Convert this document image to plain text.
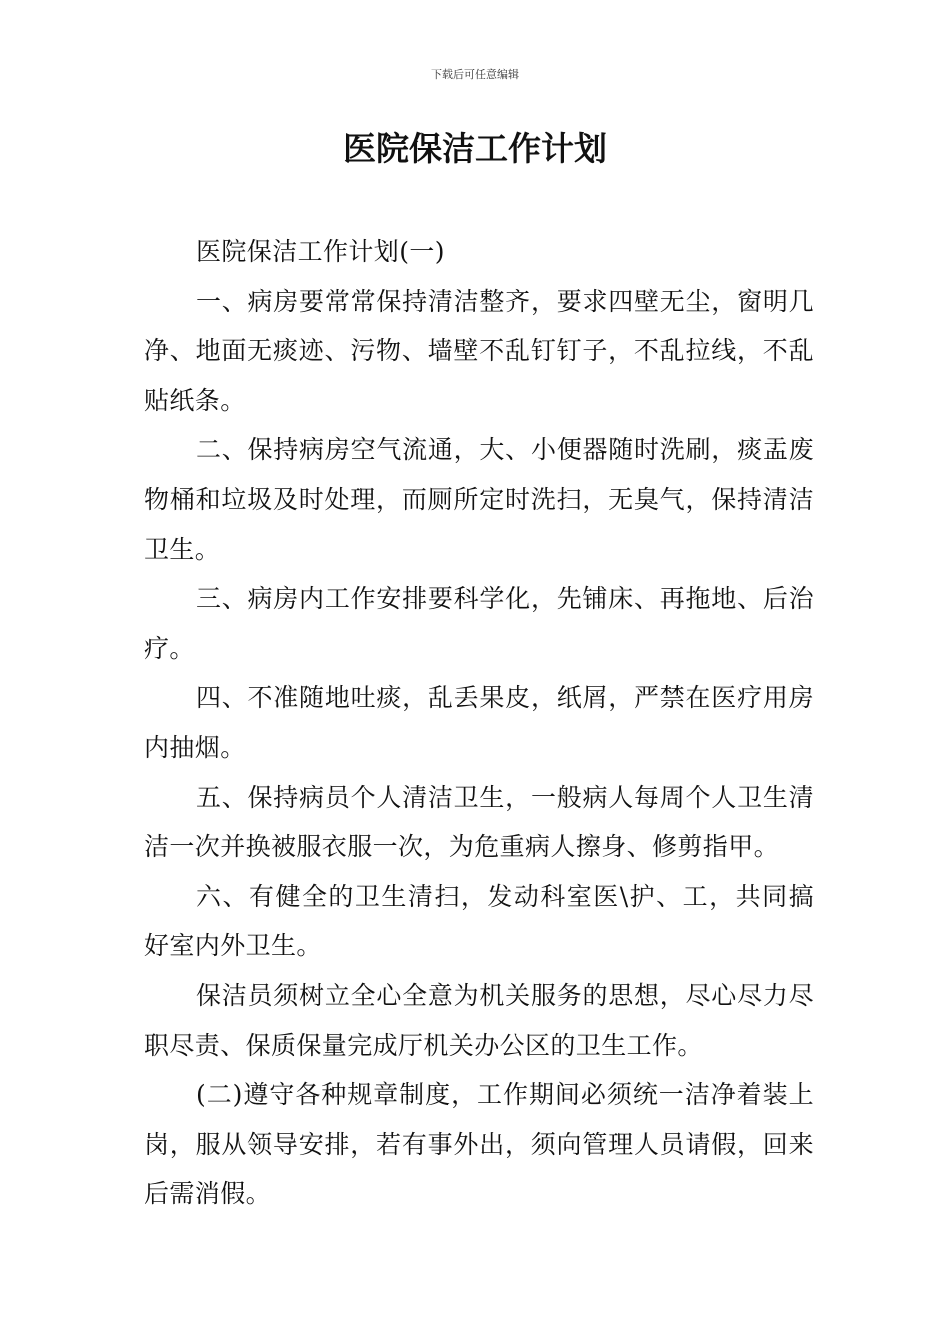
下载后可任意编辑
医院保洁工作计划

医院保洁工作计划(一)

一、病房要常常保持清洁整齐，要求四壁无尘，窗明几净、地面无痰迹、污物、墙壁不乱钉钉子，不乱拉线，不乱贴纸条。

二、保持病房空气流通，大、小便器随时洗刷，痰盂废物桶和垃圾及时处理，而厕所定时洗扫，无臭气，保持清洁卫生。

三、病房内工作安排要科学化，先铺床、再拖地、后治疗。

四、不准随地吐痰，乱丢果皮，纸屑，严禁在医疗用房内抽烟。

五、保持病员个人清洁卫生，一般病人每周个人卫生清洁一次并换被服衣服一次，为危重病人擦身、修剪指甲。

六、有健全的卫生清扫，发动科室医\护、工，共同搞好室内外卫生。

保洁员须树立全心全意为机关服务的思想，尽心尽力尽职尽责、保质保量完成厅机关办公区的卫生工作。

(二)遵守各种规章制度，工作期间必须统一洁净着装上岗，服从领导安排，若有事外出，须向管理人员请假，回来后需消假。
